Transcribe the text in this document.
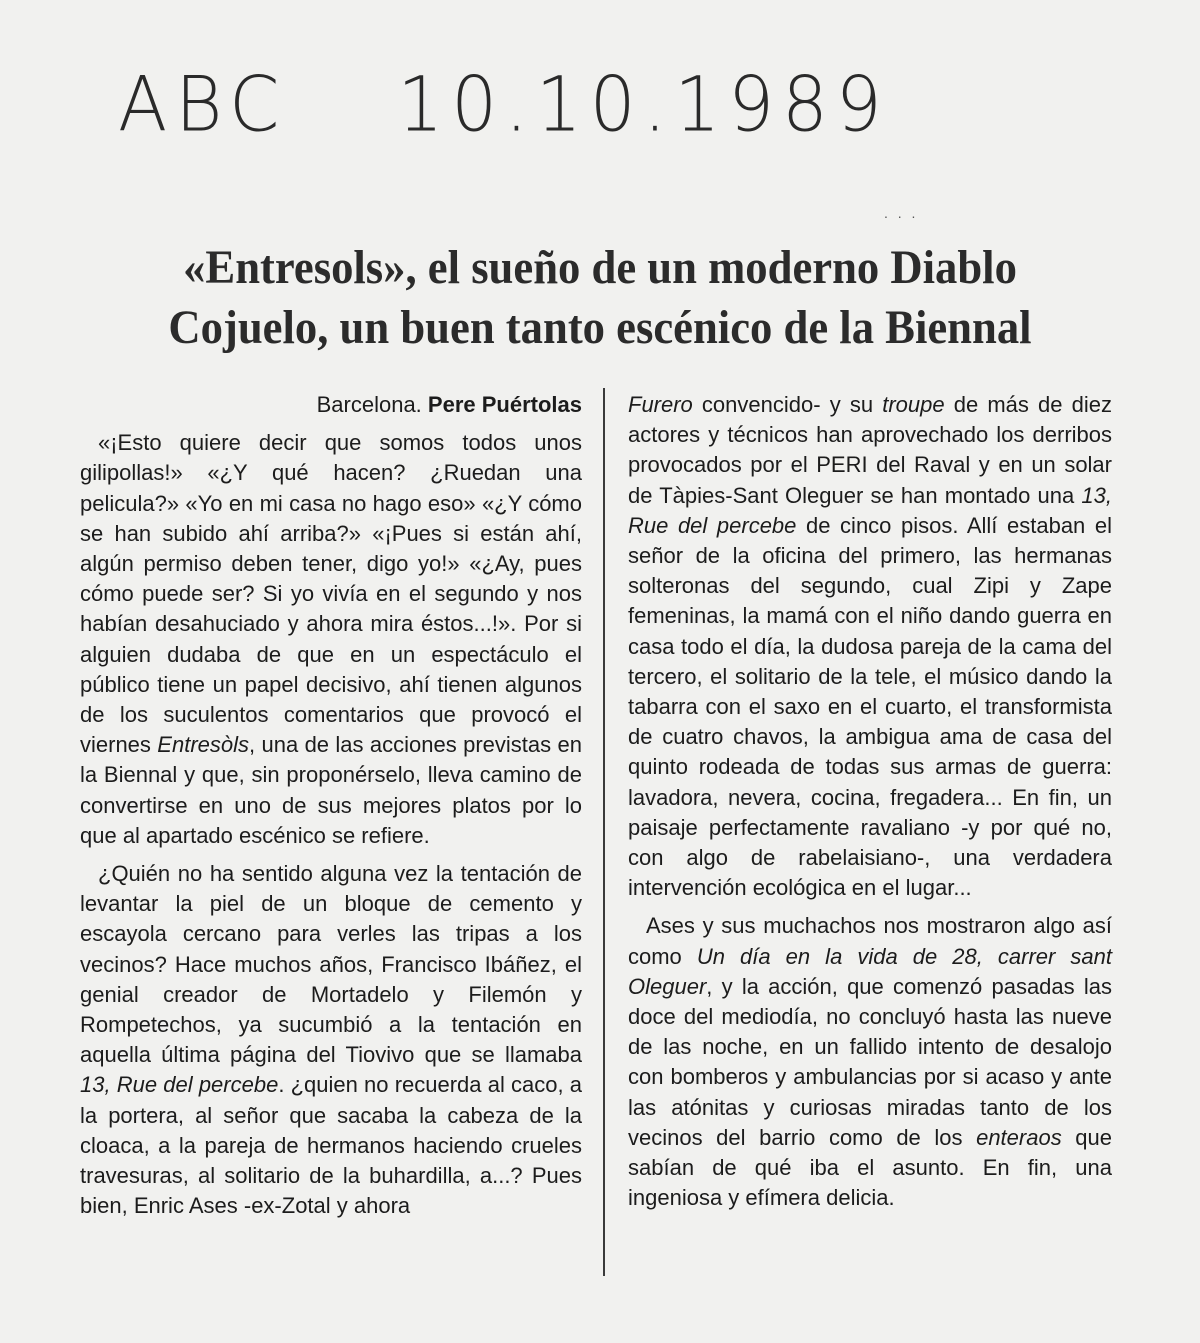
ABC 10.10.1989
. . .
«Entresols», el sueño de un moderno Diablo
Cojuelo, un buen tanto escénico de la Biennal

Barcelona. Pere Puértolas

«¡Esto quiere decir que somos todos unos gilipollas!» «¿Y qué hacen? ¿Ruedan una pelicula?» «Yo en mi casa no hago eso» «¿Y cómo se han subido ahí arriba?» «¡Pues si están ahí, algún permiso deben tener, digo yo!» «¿Ay, pues cómo puede ser? Si yo vivía en el segundo y nos habían desahuciado y ahora mira éstos...!». Por si alguien dudaba de que en un espectáculo el público tiene un papel decisivo, ahí tienen algunos de los suculentos comentarios que provocó el viernes Entresòls, una de las acciones previstas en la Biennal y que, sin proponérselo, lleva camino de convertirse en uno de sus mejores platos por lo que al apartado escénico se refiere.

¿Quién no ha sentido alguna vez la tentación de levantar la piel de un bloque de cemento y escayola cercano para verles las tripas a los vecinos? Hace muchos años, Francisco Ibáñez, el genial creador de Mortadelo y Filemón y Rompetechos, ya sucumbió a la tentación en aquella última página del Tiovivo que se llamaba 13, Rue del percebe. ¿quien no recuerda al caco, a la portera, al señor que sacaba la cabeza de la cloaca, a la pareja de hermanos haciendo crueles travesuras, al solitario de la buhardilla, a...? Pues bien, Enric Ases -ex-Zotal y ahora

Furero convencido- y su troupe de más de diez actores y técnicos han aprovechado los derribos provocados por el PERI del Raval y en un solar de Tàpies-Sant Oleguer se han montado una 13, Rue del percebe de cinco pisos. Allí estaban el señor de la oficina del primero, las hermanas solteronas del segundo, cual Zipi y Zape femeninas, la mamá con el niño dando guerra en casa todo el día, la dudosa pareja de la cama del tercero, el solitario de la tele, el músico dando la tabarra con el saxo en el cuarto, el transformista de cuatro chavos, la ambigua ama de casa del quinto rodeada de todas sus armas de guerra: lavadora, nevera, cocina, fregadera... En fin, un paisaje perfectamente ravaliano -y por qué no, con algo de rabelaisiano-, una verdadera intervención ecológica en el lugar...

Ases y sus muchachos nos mostraron algo así como Un día en la vida de 28, carrer sant Oleguer, y la acción, que comenzó pasadas las doce del mediodía, no concluyó hasta las nueve de las noche, en un fallido intento de desalojo con bomberos y ambulancias por si acaso y ante las atónitas y curiosas miradas tanto de los vecinos del barrio como de los enteraos que sabían de qué iba el asunto. En fin, una ingeniosa y efímera delicia.
